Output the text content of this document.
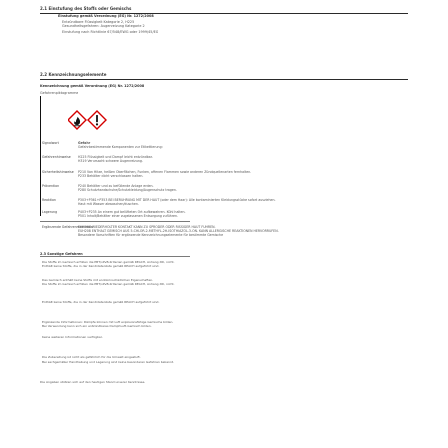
2.1 Einstufung des Stoffs oder Gemischs
Einstufung gemäß Verordnung (EG) Nr. 1272/2008
Entzündbare Flüssigkeit Kategorie 2, H225
Gesundheitsgefahren: Augenreizung Kategorie 2
Einstufung nach Richtlinie 67/548/EWG oder 1999/45/EG
2.2 Kennzeichnungselemente
Kennzeichnung gemäß Verordnung (EG) Nr. 1272/2008
Gefahrenpiktogramme
Signalwort	Gefahr
Gefahrbestimmende Komponenten zur Etikettierung:
Gefahrenhinweise H225 Flüssigkeit und Dampf leicht entzündbar.
H319 Verursacht schwere Augenreizung.
Sicherheitshinweise P210 Von Hitze, heißen Oberflächen, Funken, offenen Flammen sowie anderen Zündquellenarten fernhalten.
P233 Behälter dicht verschlossen halten.
Prävention	P240 Behälter und zu befüllende Anlage erden.
P280 Schutzhandschuhe/Schutzkleidung/Augenschutz tragen.
Reaktion	P303+P361+P353 BEI BERÜHRUNG MIT DER HAUT (oder dem Haar): Alle kontaminierten Kleidungsstücke sofort ausziehen.
Haut mit Wasser abwaschen/duschen.
Lagerung	P403+P235 An einem gut belüfteten Ort aufbewahren. Kühl halten.
P501 Inhalt/Behälter einer zugelassenen Entsorgung zuführen.
Ergänzende Gefahrenmerkmale
EUH066 WIEDERHOLTER KONTAKT KANN ZU SPRÖDER ODER RISSIGER HAUT FÜHREN.
EUH208 ENTHÄLT GEMISCH AUS 5-CHLOR-2-METHYL-2H-ISOTHIAZOL-3-ON. KANN ALLERGISCHE REAKTIONEN HERVORRUFEN.
Besondere Vorschriften für ergänzende Kennzeichnungselemente für bestimmte Gemische
2.3 Sonstige Gefahren
Die Stoffe im Gemisch erfüllen die PBT/vPvB-Kriterien gemäß REACH, Anhang XIII, nicht.
Enthält keine Stoffe, die in der Kandidatenliste gemäß REACH aufgeführt sind.
Das Gemisch enthält keine Stoffe mit endokrinschädlichen Eigenschaften.
Die Stoffe im Gemisch erfüllen die PBT/vPvB-Kriterien gemäß REACH, Anhang XIII, nicht.
Enthält keine Stoffe, die in der Kandidatenliste gemäß REACH aufgeführt sind.
Ergänzende Informationen: Dämpfe können mit Luft explosionsfähige Gemische bilden.
Bei Verwendung kann sich ein entzündbares Dampf-Luft-Gemisch bilden.
Keine weiteren Informationen verfügbar.
Die Zubereitung ist nicht als gefährlich für die Umwelt eingestuft.
Bei sachgemäßer Handhabung und Lagerung sind keine besonderen Gefahren bekannt.
Die Angaben stützen sich auf den heutigen Stand unserer Kenntnisse.
